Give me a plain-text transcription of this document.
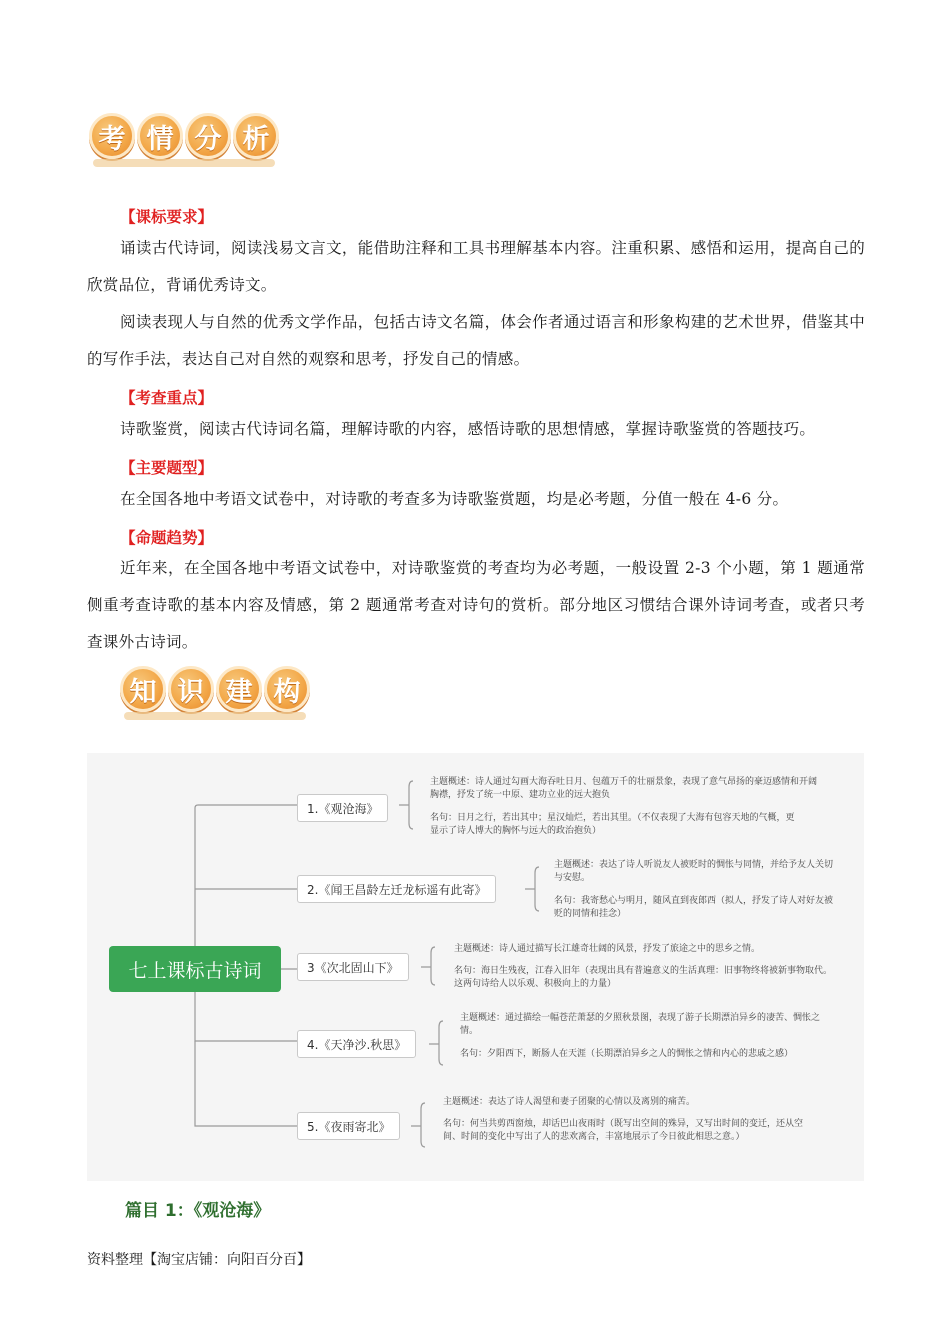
考 情 分 析
【课标要求】

诵读古代诗词，阅读浅易文言文，能借助注释和工具书理解基本内容。注重积累、感悟和运用，提高自己的欣赏品位，背诵优秀诗文。

阅读表现人与自然的优秀文学作品，包括古诗文名篇，体会作者通过语言和形象构建的艺术世界，借鉴其中的写作手法，表达自己对自然的观察和思考，抒发自己的情感。

【考查重点】

诗歌鉴赏，阅读古代诗词名篇，理解诗歌的内容，感悟诗歌的思想情感，掌握诗歌鉴赏的答题技巧。

【主要题型】

在全国各地中考语文试卷中，对诗歌的考查多为诗歌鉴赏题，均是必考题，分值一般在 4-6 分。

【命题趋势】

近年来，在全国各地中考语文试卷中，对诗歌鉴赏的考查均为必考题，一般设置 2-3 个小题，第 1 题通常侧重考查诗歌的基本内容及情感，第 2 题通常考查对诗句的赏析。部分地区习惯结合课外诗词考查，或者只考查课外古诗词。

知 识 建 构
七上课标古诗词
1.《观沧海》
主题概述：诗人通过勾画大海吞吐日月、包蕴万千的壮丽景象，表现了意气昂扬的豪迈感情和开阔胸襟，抒发了统一中原、建功立业的远大抱负
名句：日月之行，若出其中；星汉灿烂，若出其里。（不仅表现了大海有包容天地的气概，更显示了诗人博大的胸怀与远大的政治抱负）
2.《闻王昌龄左迁龙标遥有此寄》
主题概述：表达了诗人听说友人被贬时的惆怅与同情，并给予友人关切与安慰。
名句：我寄愁心与明月，随风直到夜郎西（拟人，抒发了诗人对好友被贬的同情和挂念）
3《次北固山下》
主题概述：诗人通过描写长江雄奇壮阔的风景，抒发了旅途之中的思乡之情。
名句：海日生残夜，江春入旧年（表现出具有普遍意义的生活真理：旧事物终将被新事物取代。这两句诗给人以乐观、积极向上的力量）
4.《天净沙.秋思》
主题概述：通过描绘一幅苍茫萧瑟的夕照秋景图，表现了游子长期漂泊异乡的凄苦、惆怅之情。
名句：夕阳西下，断肠人在天涯（长期漂泊异乡之人的惆怅之情和内心的悲戚之感）
5.《夜雨寄北》
主题概述：表达了诗人渴望和妻子团聚的心情以及离别的痛苦。
名句：何当共剪西窗烛，却话巴山夜雨时（既写出空间的殊异，又写出时间的变迁，还从空间、时间的变化中写出了人的悲欢离合，丰富地展示了今日彼此相思之意。）
篇目 1：《观沧海》
资料整理【淘宝店铺：向阳百分百】
